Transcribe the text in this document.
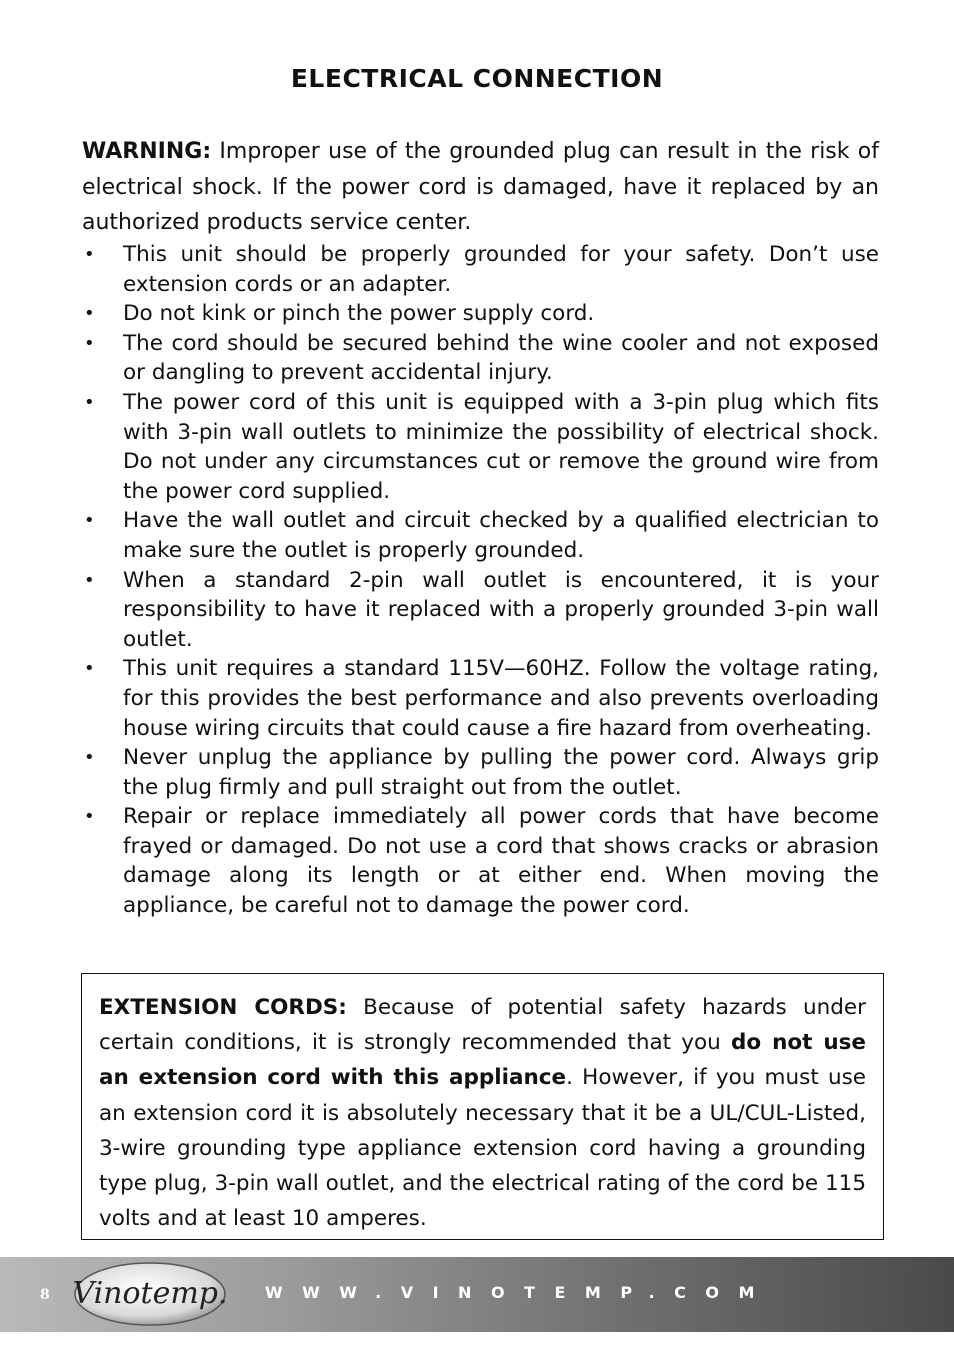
ELECTRICAL CONNECTION
WARNING: Improper use of the grounded plug can result in the risk of electrical shock. If the power cord is damaged, have it replaced by an authorized products service center.
• This unit should be properly grounded for your safety. Don’t use extension cords or an adapter.
• Do not kink or pinch the power supply cord.
• The cord should be secured behind the wine cooler and not exposed or dangling to prevent accidental injury.
• The power cord of this unit is equipped with a 3-pin plug which fits with 3-pin wall outlets to minimize the possibility of electrical shock. Do not under any circumstances cut or remove the ground wire from the power cord supplied.
• Have the wall outlet and circuit checked by a qualified electrician to make sure the outlet is properly grounded.
• When a standard 2-pin wall outlet is encountered, it is your responsibility to have it replaced with a properly grounded 3-pin wall outlet.
• This unit requires a standard 115V—60HZ. Follow the voltage rating, for this provides the best performance and also prevents overloading house wiring circuits that could cause a fire hazard from overheating.
• Never unplug the appliance by pulling the power cord. Always grip the plug firmly and pull straight out from the outlet.
• Repair or replace immediately all power cords that have become frayed or damaged. Do not use a cord that shows cracks or abrasion damage along its length or at either end. When moving the appliance, be careful not to damage the power cord.
EXTENSION CORDS: Because of potential safety hazards under certain conditions, it is strongly recommended that you do not use an extension cord with this appliance. However, if you must use an extension cord it is absolutely necessary that it be a UL/CUL-Listed, 3-wire grounding type appliance extension cord having a grounding type plug, 3-pin wall outlet, and the electrical rating of the cord be 115 volts and at least 10 amperes.
8 Vinotemp. WWW.VINOTEMP.COM
